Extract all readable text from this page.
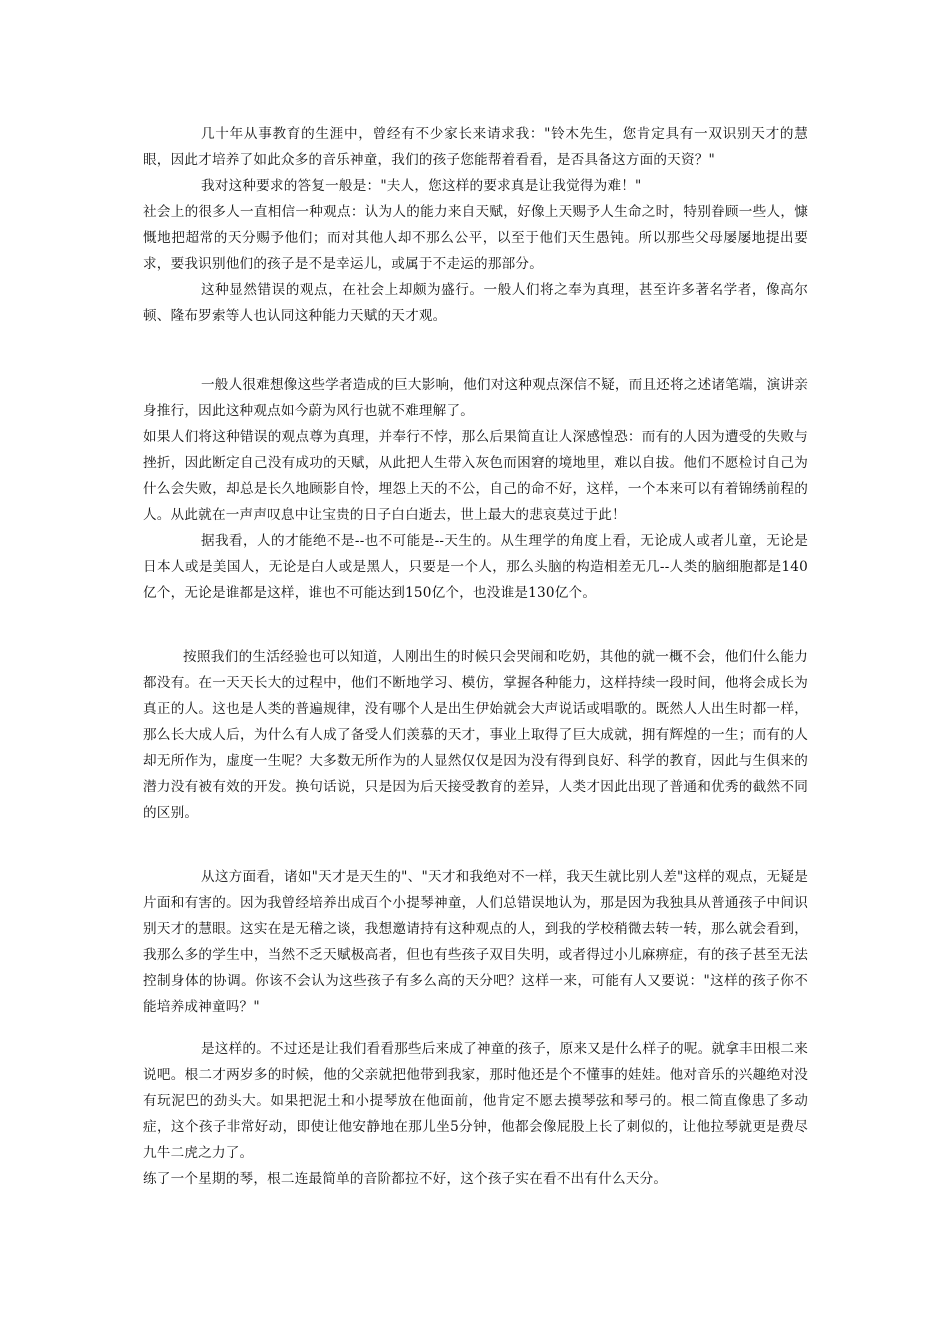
几十年从事教育的生涯中，曾经有不少家长来请求我："铃木先生，您肯定具有一双识别天才的慧眼，因此才培养了如此众多的音乐神童，我们的孩子您能帮着看看，是否具备这方面的天资？"

我对这种要求的答复一般是："夫人，您这样的要求真是让我觉得为难！"

社会上的很多人一直相信一种观点：认为人的能力来自天赋，好像上天赐予人生命之时，特别眷顾一些人，慷慨地把超常的天分赐予他们；而对其他人却不那么公平，以至于他们天生愚钝。所以那些父母屡屡地提出要求，要我识别他们的孩子是不是幸运儿，或属于不走运的那部分。

这种显然错误的观点，在社会上却颇为盛行。一般人们将之奉为真理，甚至许多著名学者，像高尔顿、隆布罗索等人也认同这种能力天赋的天才观。

一般人很难想像这些学者造成的巨大影响，他们对这种观点深信不疑，而且还将之述诸笔端，演讲亲身推行，因此这种观点如今蔚为风行也就不难理解了。

如果人们将这种错误的观点尊为真理，并奉行不悖，那么后果简直让人深感惶恐：而有的人因为遭受的失败与挫折，因此断定自己没有成功的天赋，从此把人生带入灰色而困窘的境地里，难以自拔。他们不愿检讨自己为什么会失败，却总是长久地顾影自怜，埋怨上天的不公，自己的命不好，这样，一个本来可以有着锦绣前程的人。从此就在一声声叹息中让宝贵的日子白白逝去，世上最大的悲哀莫过于此！

据我看，人的才能绝不是--也不可能是--天生的。从生理学的角度上看，无论成人或者儿童，无论是日本人或是美国人，无论是白人或是黑人，只要是一个人，那么头脑的构造相差无几--人类的脑细胞都是140亿个，无论是谁都是这样，谁也不可能达到150亿个，也没谁是130亿个。

按照我们的生活经验也可以知道，人刚出生的时候只会哭闹和吃奶，其他的就一概不会，他们什么能力都没有。在一天天长大的过程中，他们不断地学习、模仿，掌握各种能力，这样持续一段时间，他将会成长为真正的人。这也是人类的普遍规律，没有哪个人是出生伊始就会大声说话或唱歌的。既然人人出生时都一样，那么长大成人后，为什么有人成了备受人们羡慕的天才，事业上取得了巨大成就，拥有辉煌的一生；而有的人却无所作为，虚度一生呢？大多数无所作为的人显然仅仅是因为没有得到良好、科学的教育，因此与生俱来的潜力没有被有效的开发。换句话说，只是因为后天接受教育的差异，人类才因此出现了普通和优秀的截然不同的区别。

从这方面看，诸如"天才是天生的"、"天才和我绝对不一样，我天生就比别人差"这样的观点，无疑是片面和有害的。因为我曾经培养出成百个小提琴神童，人们总错误地认为，那是因为我独具从普通孩子中间识别天才的慧眼。这实在是无稽之谈，我想邀请持有这种观点的人，到我的学校稍微去转一转，那么就会看到，我那么多的学生中，当然不乏天赋极高者，但也有些孩子双目失明，或者得过小儿麻痹症，有的孩子甚至无法控制身体的协调。你该不会认为这些孩子有多么高的天分吧？这样一来，可能有人又要说："这样的孩子你不能培养成神童吗？"

是这样的。不过还是让我们看看那些后来成了神童的孩子，原来又是什么样子的呢。就拿丰田根二来说吧。根二才两岁多的时候，他的父亲就把他带到我家，那时他还是个不懂事的娃娃。他对音乐的兴趣绝对没有玩泥巴的劲头大。如果把泥土和小提琴放在他面前，他肯定不愿去摸琴弦和琴弓的。根二简直像患了多动症，这个孩子非常好动，即使让他安静地在那儿坐5分钟，他都会像屁股上长了刺似的，让他拉琴就更是费尽九牛二虎之力了。

练了一个星期的琴，根二连最简单的音阶都拉不好，这个孩子实在看不出有什么天分。
